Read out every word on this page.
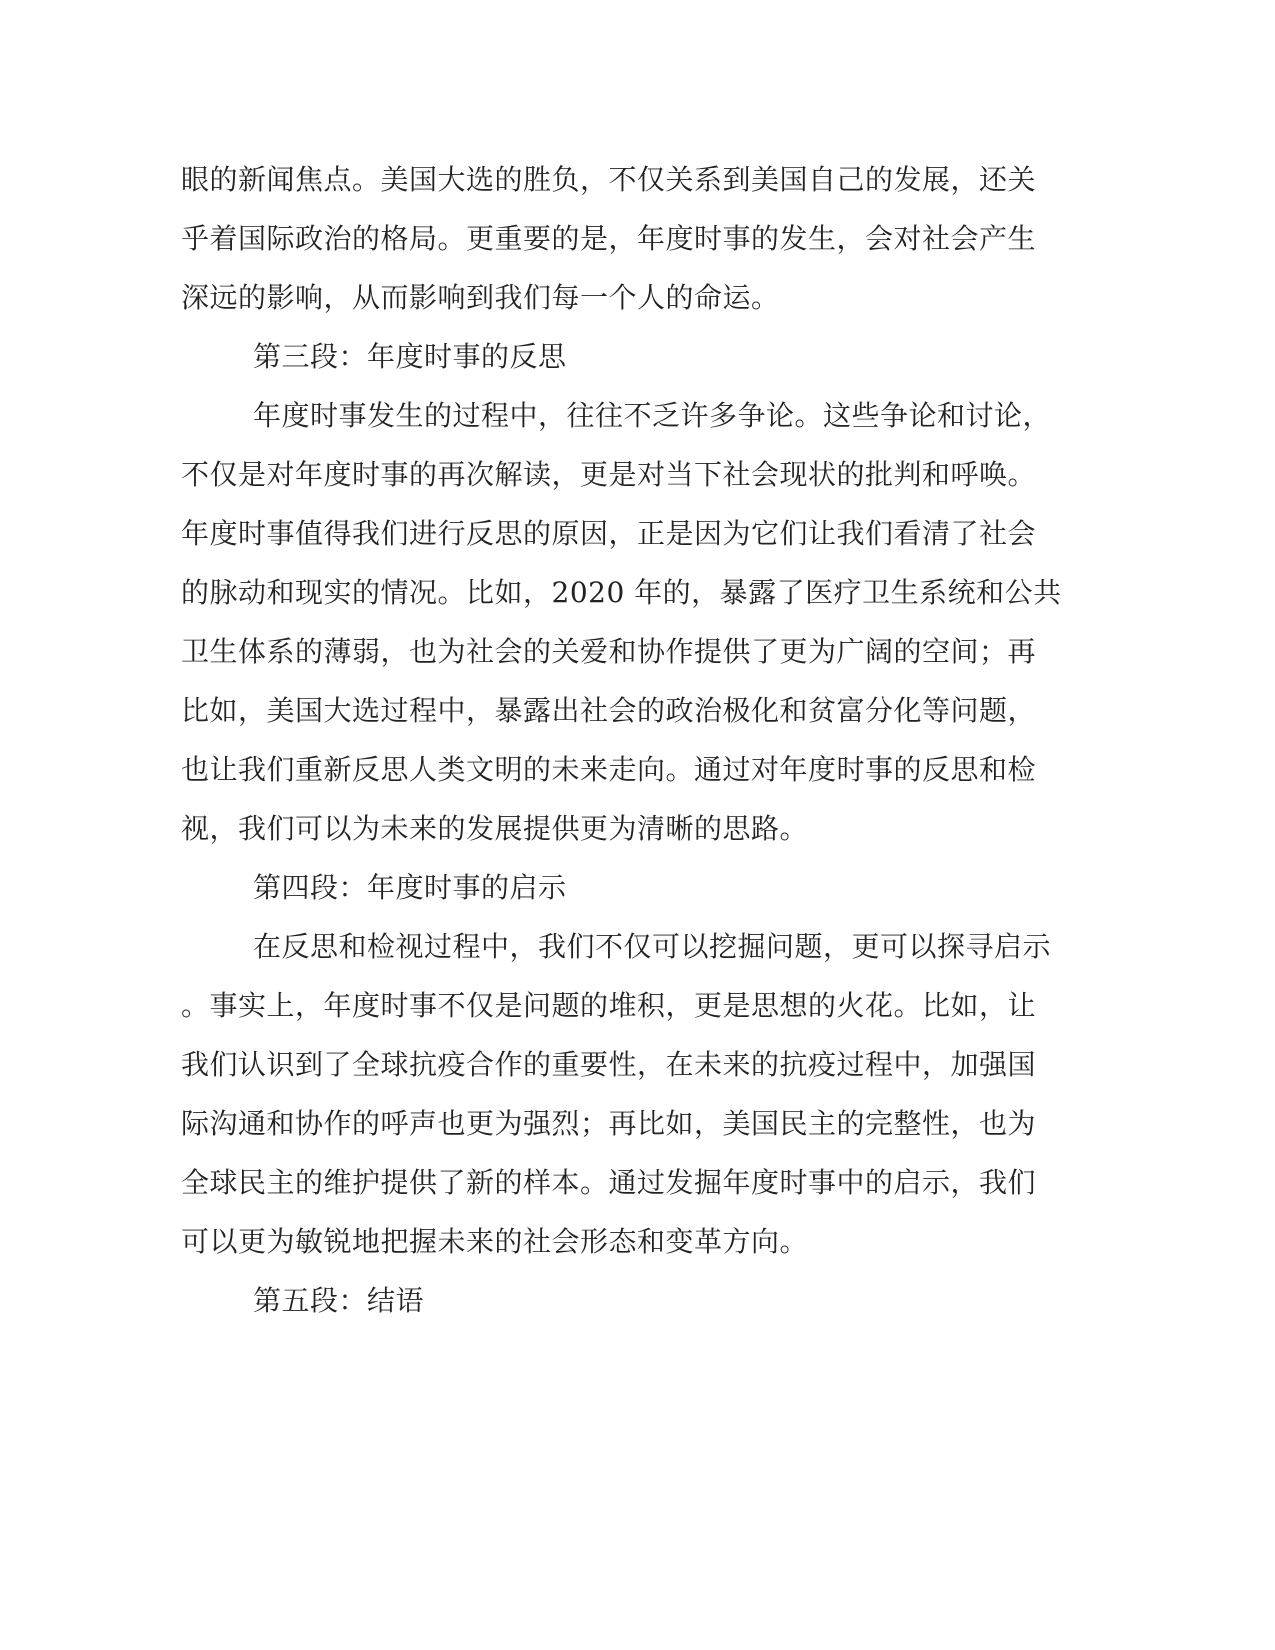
眼的新闻焦点。美国大选的胜负，不仅关系到美国自己的发展，还关
乎着国际政治的格局。更重要的是，年度时事的发生，会对社会产生
深远的影响，从而影响到我们每一个人的命运。
第三段：年度时事的反思
年度时事发生的过程中，往往不乏许多争论。这些争论和讨论，
不仅是对年度时事的再次解读，更是对当下社会现状的批判和呼唤。
年度时事值得我们进行反思的原因，正是因为它们让我们看清了社会
的脉动和现实的情况。比如，2020 年的，暴露了医疗卫生系统和公共
卫生体系的薄弱，也为社会的关爱和协作提供了更为广阔的空间；再
比如，美国大选过程中，暴露出社会的政治极化和贫富分化等问题，
也让我们重新反思人类文明的未来走向。通过对年度时事的反思和检
视，我们可以为未来的发展提供更为清晰的思路。
第四段：年度时事的启示
在反思和检视过程中，我们不仅可以挖掘问题，更可以探寻启示
。事实上，年度时事不仅是问题的堆积，更是思想的火花。比如，让
我们认识到了全球抗疫合作的重要性，在未来的抗疫过程中，加强国
际沟通和协作的呼声也更为强烈；再比如，美国民主的完整性，也为
全球民主的维护提供了新的样本。通过发掘年度时事中的启示，我们
可以更为敏锐地把握未来的社会形态和变革方向。
第五段：结语
